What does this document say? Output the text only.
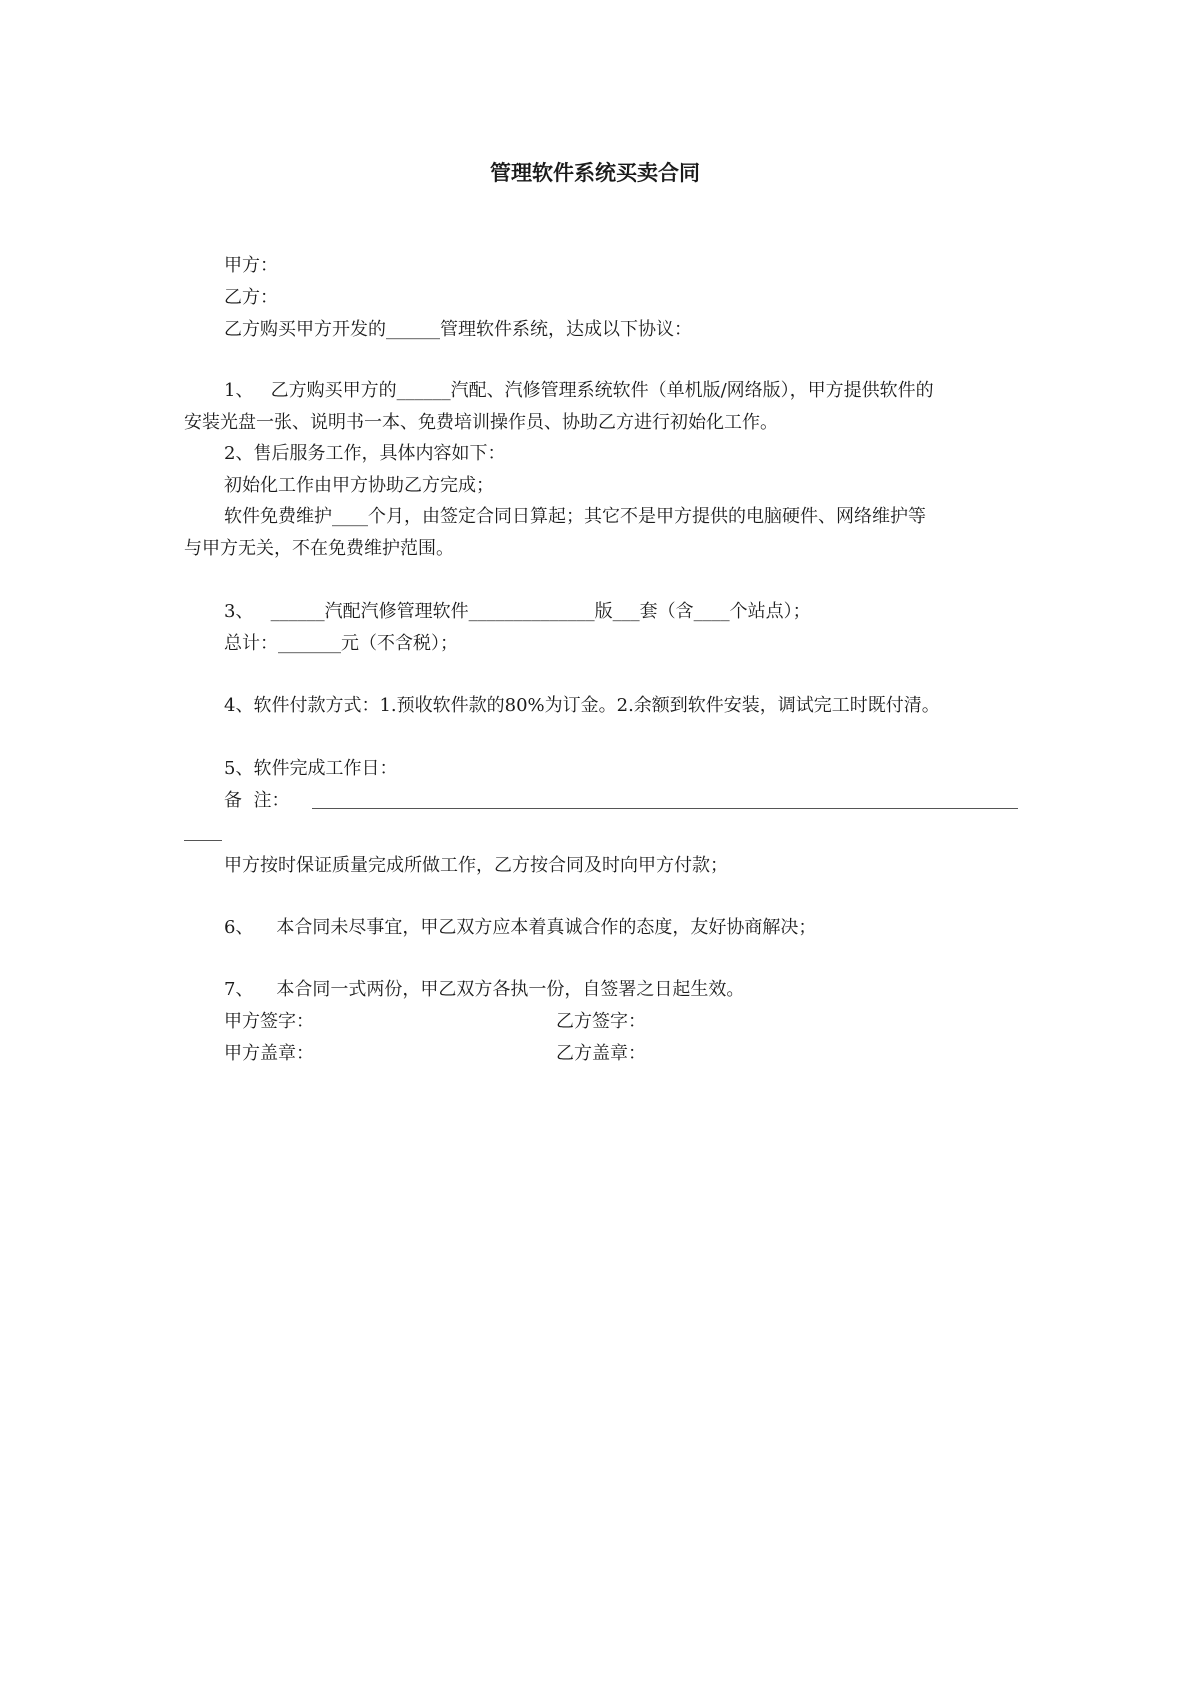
管理软件系统买卖合同
甲方：
乙方：
乙方购买甲方开发的______管理软件系统，达成以下协议：
1、   乙方购买甲方的______汽配、汽修管理系统软件（单机版/网络版），甲方提供软件的
安装光盘一张、说明书一本、免费培训操作员、协助乙方进行初始化工作。
2、售后服务工作，具体内容如下：
初始化工作由甲方协助乙方完成；
软件免费维护____个月，由签定合同日算起；其它不是甲方提供的电脑硬件、网络维护等
与甲方无关，不在免费维护范围。
3、   ______汽配汽修管理软件______________版___套（含____个站点）；
总计：_______元（不含税）；
4、软件付款方式：1.预收软件款的80%为订金。2.余额到软件安装，调试完工时既付清。
5、软件完成工作日：
备  注：
甲方按时保证质量完成所做工作，乙方按合同及时向甲方付款；
6、    本合同未尽事宜，甲乙双方应本着真诚合作的态度，友好协商解决；
7、    本合同一式两份，甲乙双方各执一份，自签署之日起生效。
甲方签字：	乙方签字：
甲方盖章：	乙方盖章：
